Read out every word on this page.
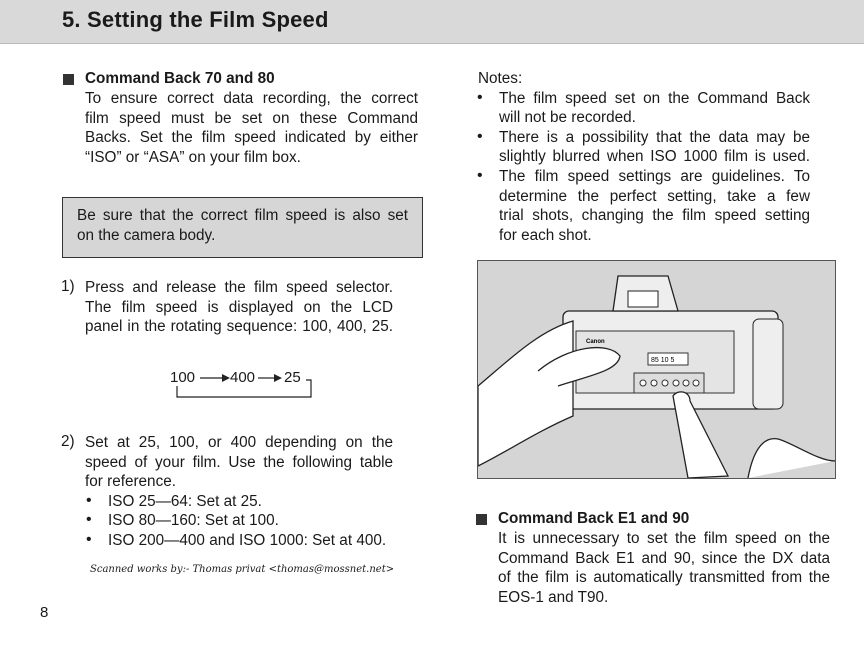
5. Setting the Film Speed
Command Back 70 and 80
To ensure correct data recording, the correct
film speed must be set on these Command
Backs. Set the film speed indicated by either
“ISO” or “ASA” on your film box.
Be sure that the correct film speed is also set
on the camera body.
1) Press and release the film speed selector.
The film speed is displayed on the LCD
panel in the rotating sequence: 100, 400, 25.
100 400 25
2) Set at 25, 100, or 400 depending on the
speed of your film. Use the following table
for reference.
• ISO 25—64: Set at 25.
• ISO 80—160: Set at 100.
• ISO 200—400 and ISO 1000: Set at 400.
Scanned works by:- Thomas privat <thomas@mossnet.net>
8
Notes:
• The film speed set on the Command Back
will not be recorded.
• There is a possibility that the data may be
slightly blurred when ISO 1000 film is used.
• The film speed settings are guidelines. To
determine the perfect setting, take a few
trial shots, changing the film speed setting
for each shot.
Canon
85 10 5
Command Back E1 and 90
It is unnecessary to set the film speed on the
Command Back E1 and 90, since the DX data
of the film is automatically transmitted from the
EOS-1 and T90.
